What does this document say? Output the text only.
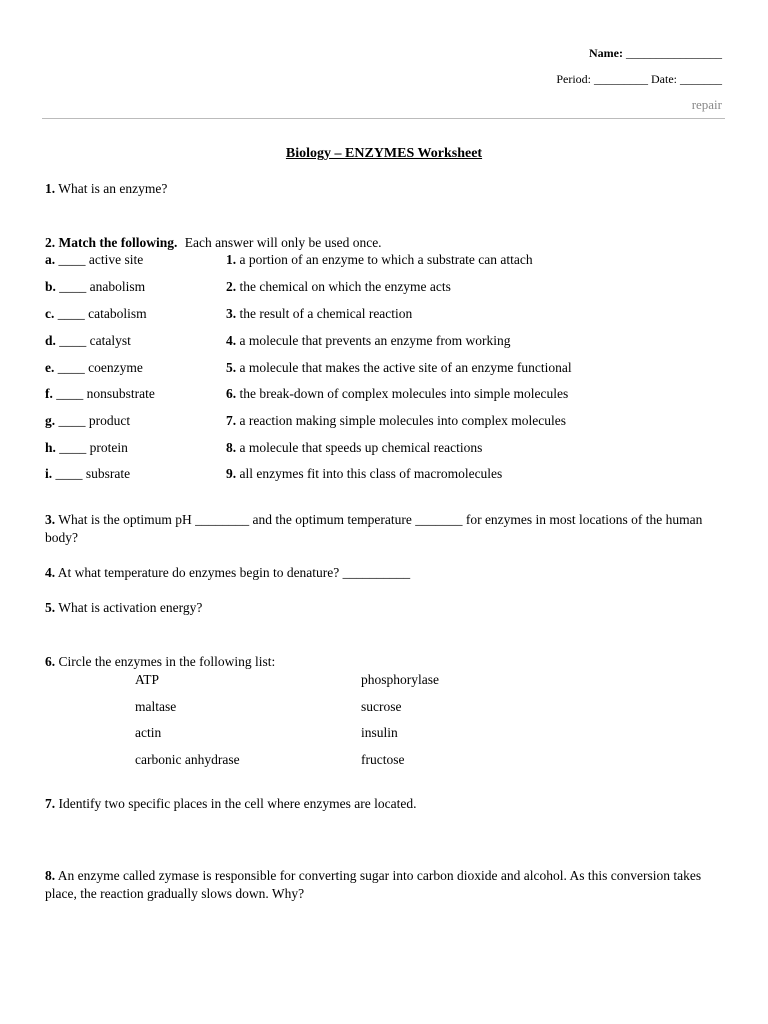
Name: ________________
Period: _________ Date: _______
repair
Biology – ENZYMES Worksheet
1. What is an enzyme?
2. Match the following. Each answer will only be used once.
a. ____ active site
b. ____ anabolism
c. ____ catabolism
d. ____ catalyst
e. ____ coenzyme
f. ____ nonsubstrate
g. ____ product
h. ____ protein
i. ____ subsrate
1. a portion of an enzyme to which a substrate can attach
2. the chemical on which the enzyme acts
3. the result of a chemical reaction
4. a molecule that prevents an enzyme from working
5. a molecule that makes the active site of an enzyme functional
6. the break-down of complex molecules into simple molecules
7. a reaction making simple molecules into complex molecules
8. a molecule that speeds up chemical reactions
9. all enzymes fit into this class of macromolecules
3. What is the optimum pH ________ and the optimum temperature _______ for enzymes in most locations of the human body?
4. At what temperature do enzymes begin to denature? __________
5. What is activation energy?
6. Circle the enzymes in the following list:
ATP
maltase
actin
carbonic anhydrase
phosphorylase
sucrose
insulin
fructose
7. Identify two specific places in the cell where enzymes are located.
8. An enzyme called zymase is responsible for converting sugar into carbon dioxide and alcohol. As this conversion takes place, the reaction gradually slows down. Why?
